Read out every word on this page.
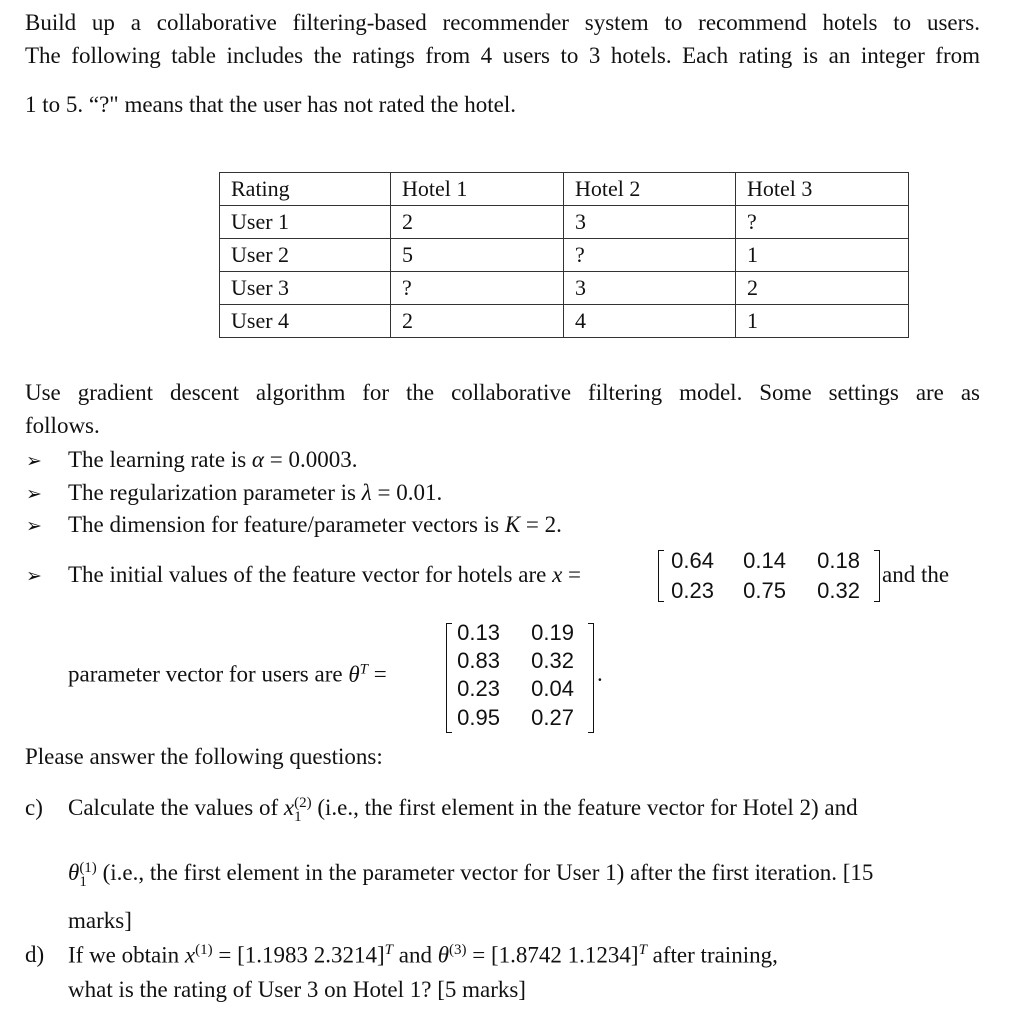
Build up a collaborative filtering-based recommender system to recommend hotels to users.
The following table includes the ratings from 4 users to 3 hotels. Each rating is an integer from
1 to 5. “?" means that the user has not rated the hotel.
Rating	Hotel 1	Hotel 2	Hotel 3
User 1	2	3	?
User 2	5	?	1
User 3	?	3	2
User 4	2	4	1
Use gradient descent algorithm for the collaborative filtering model. Some settings are as
follows.
➢ The learning rate is α = 0.0003.
➢ The regularization parameter is λ = 0.01.
➢ The dimension for feature/parameter vectors is K = 2.
➢ The initial values of the feature vector for hotels are x =
0.64 0.14 0.18
0.23 0.75 0.32
and the
parameter vector for users are $\theta^T$ =
0.13 0.19
0.83 0.32
0.23 0.04
0.95 0.27
.
Please answer the following questions:
c) Calculate the values of x (2)
1 (i.e., the first element in the feature vector for Hotel 2) and
θ (1)
1 (i.e., the first element in the parameter vector for User 1) after the first iteration. [15
marks]
d) If we obtain $x^{(1)} = [1.1983$ 2.3214]$^T$ and $\theta^{(3)} = [1.8742$ 1.1234]$^T$ after training,
what is the rating of User 3 on Hotel 1? [5 marks]
